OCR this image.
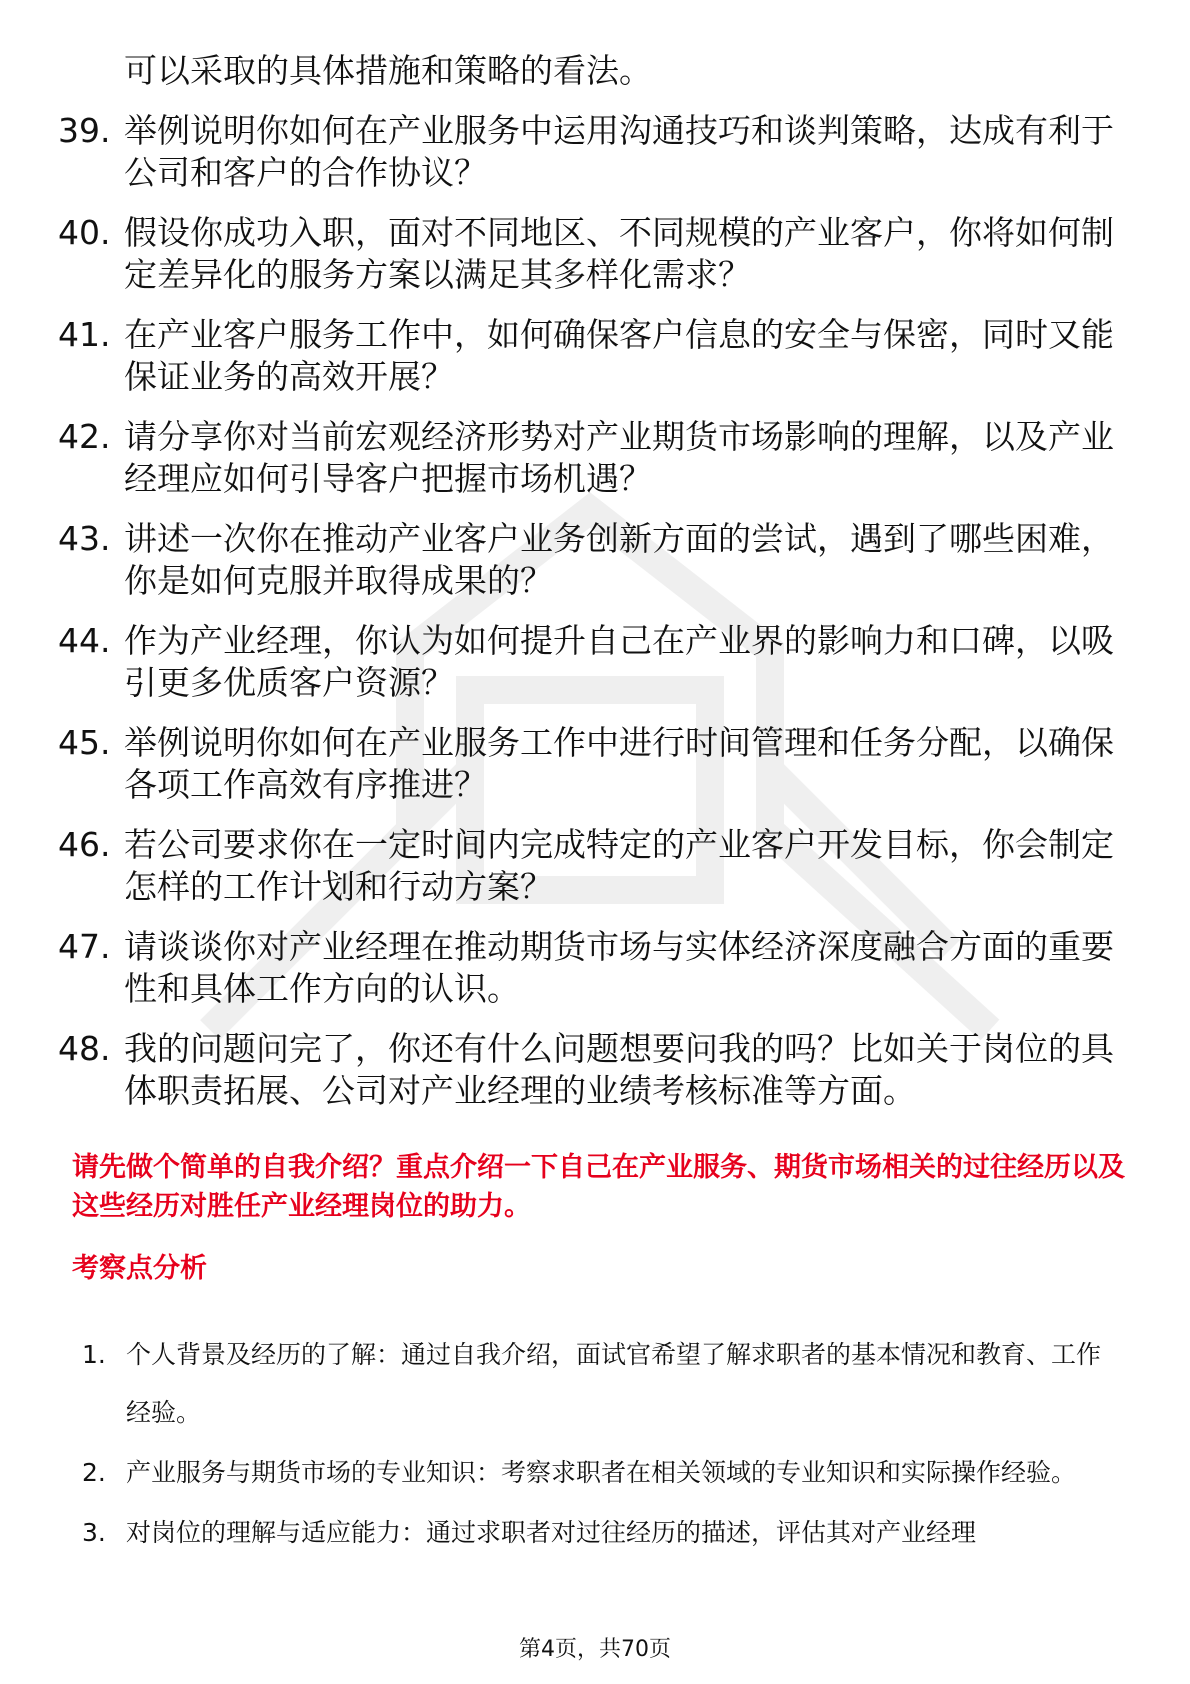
可以采取的具体措施和策略的看法。
39. 举例说明你如何在产业服务中运用沟通技巧和谈判策略，达成有利于公司和客户的合作协议？
40. 假设你成功入职，面对不同地区、不同规模的产业客户，你将如何制定差异化的服务方案以满足其多样化需求？
41. 在产业客户服务工作中，如何确保客户信息的安全与保密，同时又能保证业务的高效开展？
42. 请分享你对当前宏观经济形势对产业期货市场影响的理解，以及产业经理应如何引导客户把握市场机遇？
43. 讲述一次你在推动产业客户业务创新方面的尝试，遇到了哪些困难，你是如何克服并取得成果的？
44. 作为产业经理，你认为如何提升自己在产业界的影响力和口碑，以吸引更多优质客户资源？
45. 举例说明你如何在产业服务工作中进行时间管理和任务分配，以确保各项工作高效有序推进？
46. 若公司要求你在一定时间内完成特定的产业客户开发目标，你会制定怎样的工作计划和行动方案？
47. 请谈谈你对产业经理在推动期货市场与实体经济深度融合方面的重要性和具体工作方向的认识。
48. 我的问题问完了，你还有什么问题想要问我的吗？比如关于岗位的具体职责拓展、公司对产业经理的业绩考核标准等方面。
请先做个简单的自我介绍？重点介绍一下自己在产业服务、期货市场相关的过往经历以及这些经历对胜任产业经理岗位的助力。
考察点分析
1. 个人背景及经历的了解：通过自我介绍，面试官希望了解求职者的基本情况和教育、工作经验。
2. 产业服务与期货市场的专业知识：考察求职者在相关领域的专业知识和实际操作经验。
3. 对岗位的理解与适应能力：通过求职者对过往经历的描述，评估其对产业经理
第4页，共70页
